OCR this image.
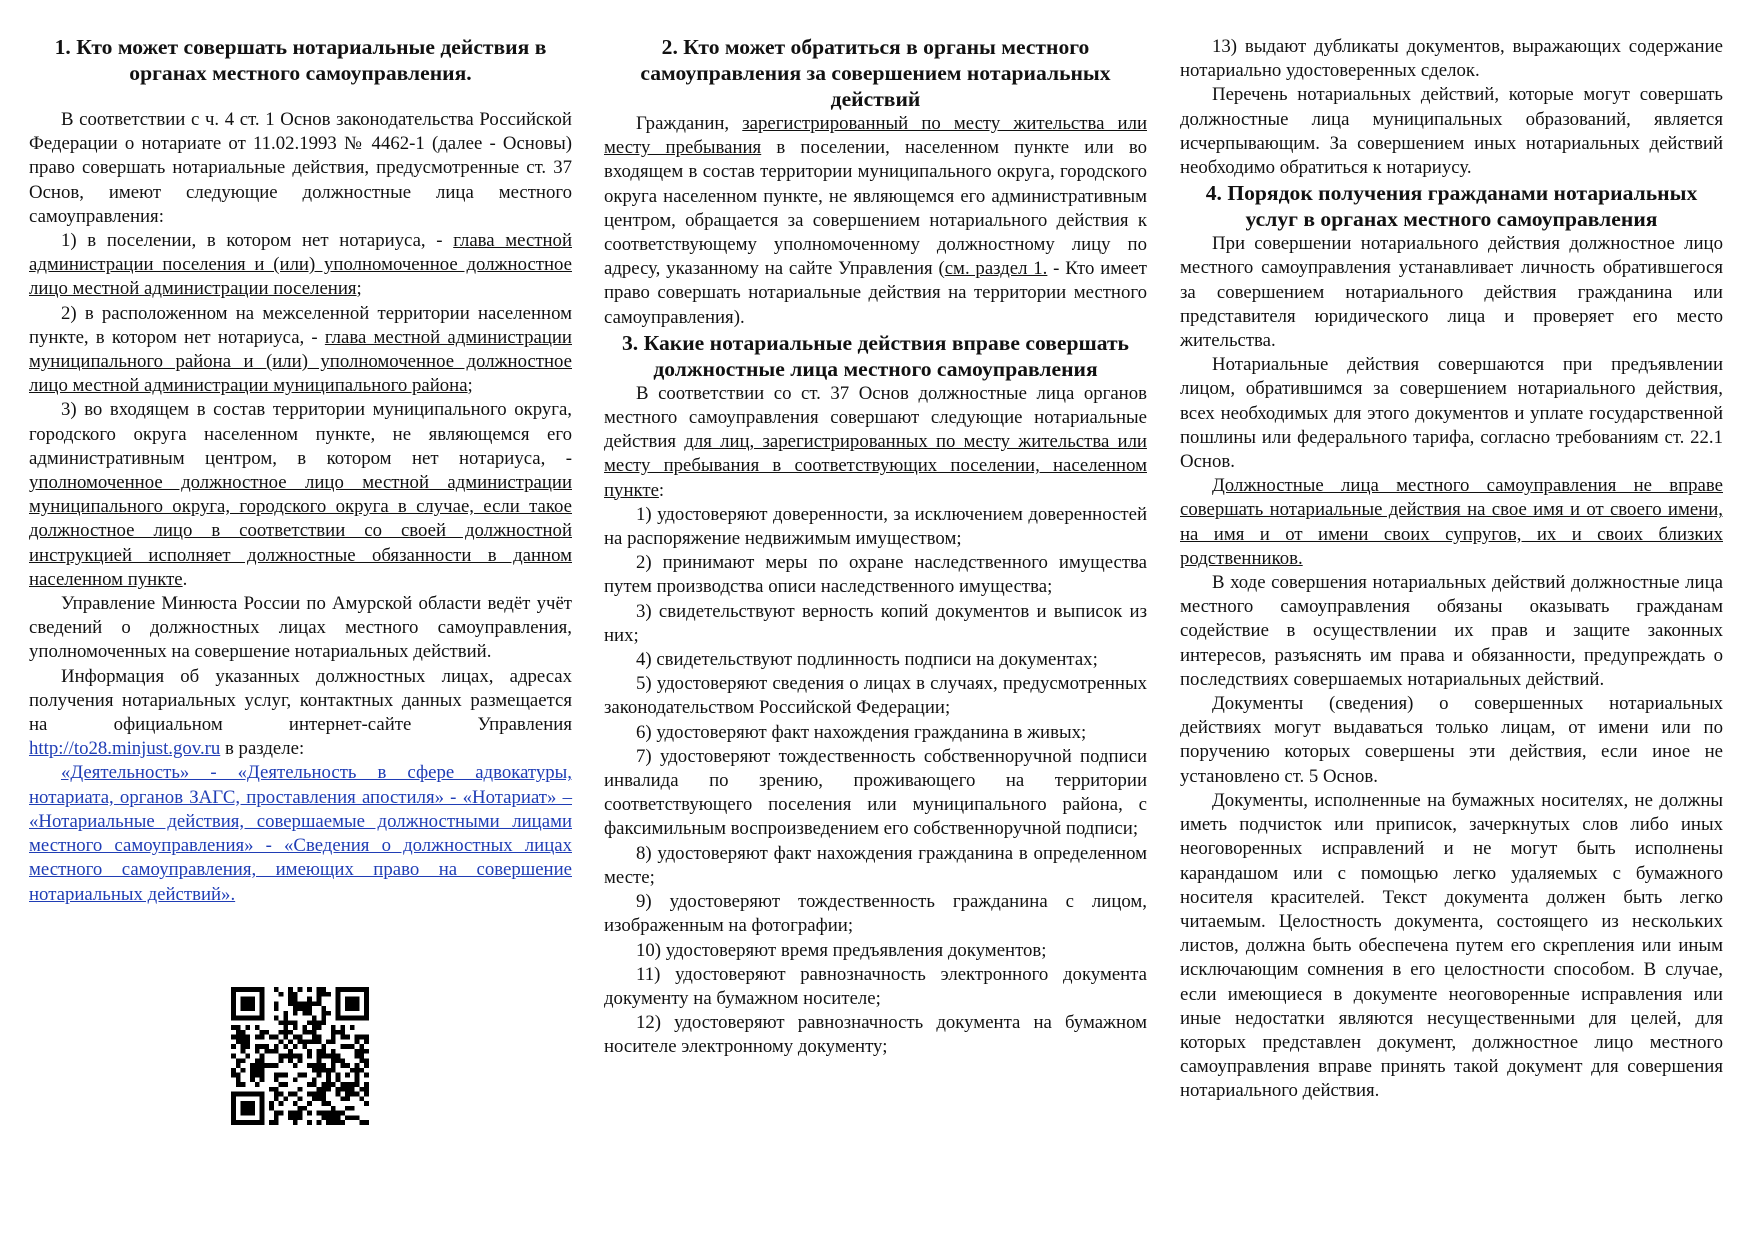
1. Кто может совершать нотариальные действия в органах местного самоуправления.

В соответствии с ч. 4 ст. 1 Основ законодательства Российской Федерации о нотариате от 11.02.1993 № 4462-1 (далее - Основы) право совершать нотариальные действия, предусмотренные ст. 37 Основ, имеют следующие должностные лица местного самоуправления:

1) в поселении, в котором нет нотариуса, - глава местной администрации поселения и (или) уполномоченное должностное лицо местной администрации поселения;

2) в расположенном на межселенной территории населенном пункте, в котором нет нотариуса, - глава местной администрации муниципального района и (или) уполномоченное должностное лицо местной администрации муниципального района;

3) во входящем в состав территории муниципального округа, городского округа населенном пункте, не являющемся его административным центром, в котором нет нотариуса, - уполномоченное должностное лицо местной администрации муниципального округа, городского округа в случае, если такое должностное лицо в соответствии со своей должностной инструкцией исполняет должностные обязанности в данном населенном пункте.

Управление Минюста России по Амурской области ведёт учёт сведений о должностных лицах местного самоуправления, уполномоченных на совершение нотариальных действий.

Информация об указанных должностных лицах, адресах получения нотариальных услуг, контактных данных размещается на официальном интернет-сайте Управления http://to28.minjust.gov.ru в разделе:

«Деятельность» - «Деятельность в сфере адвокатуры, нотариата, органов ЗАГС, проставления апостиля» - «Нотариат» – «Нотариальные действия, совершаемые должностными лицами местного самоуправления» - «Сведения о должностных лицах местного самоуправления, имеющих право на совершение нотариальных действий».

2. Кто может обратиться в органы местного самоуправления за совершением нотариальных действий

Гражданин, зарегистрированный по месту жительства или месту пребывания в поселении, населенном пункте или во входящем в состав территории муниципального округа, городского округа населенном пункте, не являющемся его административным центром, обращается за совершением нотариального действия к соответствующему уполномоченному должностному лицу по адресу, указанному на сайте Управления (см. раздел 1. - Кто имеет право совершать нотариальные действия на территории местного самоуправления).

3. Какие нотариальные действия вправе совершать должностные лица местного самоуправления

В соответствии со ст. 37 Основ должностные лица органов местного самоуправления совершают следующие нотариальные действия для лиц, зарегистрированных по месту жительства или месту пребывания в соответствующих поселении, населенном пункте:

1) удостоверяют доверенности, за исключением доверенностей на распоряжение недвижимым имуществом;

2) принимают меры по охране наследственного имущества путем производства описи наследственного имущества;

3) свидетельствуют верность копий документов и выписок из них;

4) свидетельствуют подлинность подписи на документах;

5) удостоверяют сведения о лицах в случаях, предусмотренных законодательством Российской Федерации;

6) удостоверяют факт нахождения гражданина в живых;

7) удостоверяют тождественность собственноручной подписи инвалида по зрению, проживающего на территории соответствующего поселения или муниципального района, с факсимильным воспроизведением его собственноручной подписи;

8) удостоверяют факт нахождения гражданина в определенном месте;

9) удостоверяют тождественность гражданина с лицом, изображенным на фотографии;

10) удостоверяют время предъявления документов;

11) удостоверяют равнозначность электронного документа документу на бумажном носителе;

12) удостоверяют равнозначность документа на бумажном носителе электронному документу;

13) выдают дубликаты документов, выражающих содержание нотариально удостоверенных сделок.

Перечень нотариальных действий, которые могут совершать должностные лица муниципальных образований, является исчерпывающим. За совершением иных нотариальных действий необходимо обратиться к нотариусу.

4. Порядок получения гражданами нотариальных услуг в органах местного самоуправления

При совершении нотариального действия должностное лицо местного самоуправления устанавливает личность обратившегося за совершением нотариального действия гражданина или представителя юридического лица и проверяет его место жительства.

Нотариальные действия совершаются при предъявлении лицом, обратившимся за совершением нотариального действия, всех необходимых для этого документов и уплате государственной пошлины или федерального тарифа, согласно требованиям ст. 22.1 Основ.

Должностные лица местного самоуправления не вправе совершать нотариальные действия на свое имя и от своего имени, на имя и от имени своих супругов, их и своих близких родственников.

В ходе совершения нотариальных действий должностные лица местного самоуправления обязаны оказывать гражданам содействие в осуществлении их прав и защите законных интересов, разъяснять им права и обязанности, предупреждать о последствиях совершаемых нотариальных действий.

Документы (сведения) о совершенных нотариальных действиях могут выдаваться только лицам, от имени или по поручению которых совершены эти действия, если иное не установлено ст. 5 Основ.

Документы, исполненные на бумажных носителях, не должны иметь подчисток или приписок, зачеркнутых слов либо иных неоговоренных исправлений и не могут быть исполнены карандашом или с помощью легко удаляемых с бумажного носителя красителей. Текст документа должен быть легко читаемым. Целостность документа, состоящего из нескольких листов, должна быть обеспечена путем его скрепления или иным исключающим сомнения в его целостности способом. В случае, если имеющиеся в документе неоговоренные исправления или иные недостатки являются несущественными для целей, для которых представлен документ, должностное лицо местного самоуправления вправе принять такой документ для совершения нотариального действия.
